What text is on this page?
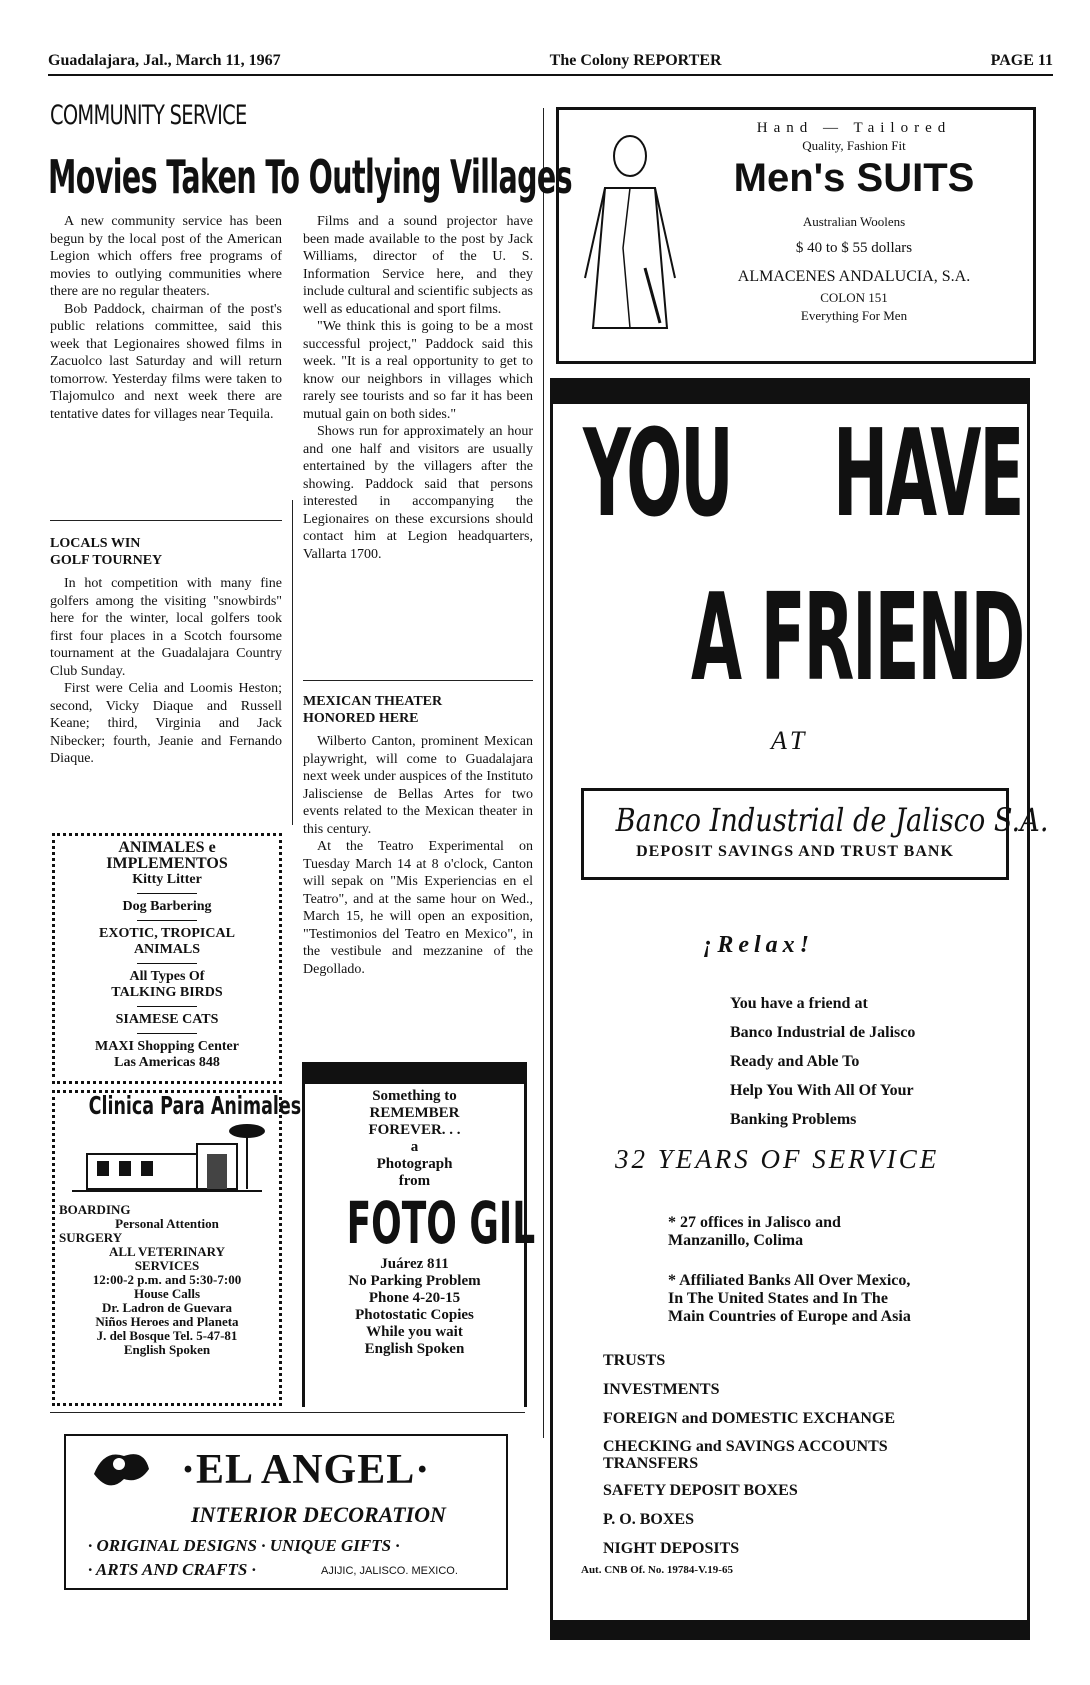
Guadalajara, Jal., March 11, 1967	The Colony REPORTER	PAGE 11
COMMUNITY SERVICE
Movies Taken To Outlying Villages

A new community service has been begun by the local post of the American Legion which offers free programs of movies to outlying communities where there are no regular theaters.

Bob Paddock, chairman of the post's public relations committee, said this week that Legionaires showed films in Zacuolco last Saturday and will return tomorrow. Yesterday films were taken to Tlajomulco and next week there are tentative dates for villages near Tequila.

Films and a sound projector have been made available to the post by Jack Williams, director of the U. S. Information Service here, and they include cultural and scientific subjects as well as educational and sport films.

"We think this is going to be a most successful project," Paddock said this week. "It is a real opportunity to get to know our neighbors in villages which rarely see tourists and so far it has been mutual gain on both sides."

Shows run for approximately an hour and one half and visitors are usually entertained by the villagers after the showing. Paddock said that persons interested in accompanying the Legionaires on these excursions should contact him at Legion headquarters, Vallarta 1700.

LOCALS WIN
GOLF TOURNEY

In hot competition with many fine golfers among the visiting "snowbirds" here for the winter, local golfers took first four places in a Scotch foursome tournament at the Guadalajara Country Club Sunday.

First were Celia and Loomis Heston; second, Vicky Diaque and Russell Keane; third, Virginia and Jack Nibecker; fourth, Jeanie and Fernando Diaque.

MEXICAN THEATER
HONORED HERE

Wilberto Canton, prominent Mexican playwright, will come to Guadalajara next week under auspices of the Instituto Jalisciense de Bellas Artes for two events related to the Mexican theater in this century.

At the Teatro Experimental on Tuesday March 14 at 8 o'clock, Canton will sepak on "Mis Experiencias en el Teatro", and at the same hour on Wed., March 15, he will open an exposition, "Testimonios del Teatro en Mexico", in the vestibule and mezzanine of the Degollado.

ANIMALES e
IMPLEMENTOS
Kitty Litter
Dog Barbering
EXOTIC, TROPICAL
ANIMALS
All Types Of
TALKING BIRDS
SIAMESE CATS
MAXI Shopping Center
Las Americas 848
Clinica Para Animales
BOARDING
Personal Attention
SURGERY
ALL VETERINARY
SERVICES
12:00-2 p.m. and 5:30-7:00
House Calls
Dr. Ladron de Guevara
Niños Heroes and Planeta
J. del Bosque Tel. 5-47-81
English Spoken
Something to
REMEMBER
FOREVER. . .
a
Photograph
from
FOTO GIL
Juárez 811
No Parking Problem
Phone 4-20-15
Photostatic Copies
While you wait
English Spoken
·EL ANGEL·
INTERIOR DECORATION
· ORIGINAL DESIGNS · UNIQUE GIFTS ·
· ARTS AND CRAFTS ·	AJIJIC, JALISCO. MEXICO.
Hand — Tailored
Quality, Fashion Fit
Men's SUITS
Australian Woolens
$ 40 to $ 55 dollars
ALMACENES ANDALUCIA, S.A.
COLON 151
Everything For Men
YOU HAVE
A FRIEND
AT
Banco Industrial de Jalisco S.A.
DEPOSIT SAVINGS AND TRUST BANK
¡Relax!
You have a friend at
Banco Industrial de Jalisco
Ready and Able To
Help You With All Of Your
Banking Problems
32 YEARS OF SERVICE
* 27 offices in Jalisco and
Manzanillo, Colima
* Affiliated Banks All Over Mexico,
In The United States and In The
Main Countries of Europe and Asia
TRUSTS
INVESTMENTS
FOREIGN and DOMESTIC EXCHANGE
CHECKING and SAVINGS ACCOUNTS
TRANSFERS
SAFETY DEPOSIT BOXES
P. O. BOXES
NIGHT DEPOSITS
Aut. CNB Of. No. 19784-V.19-65
